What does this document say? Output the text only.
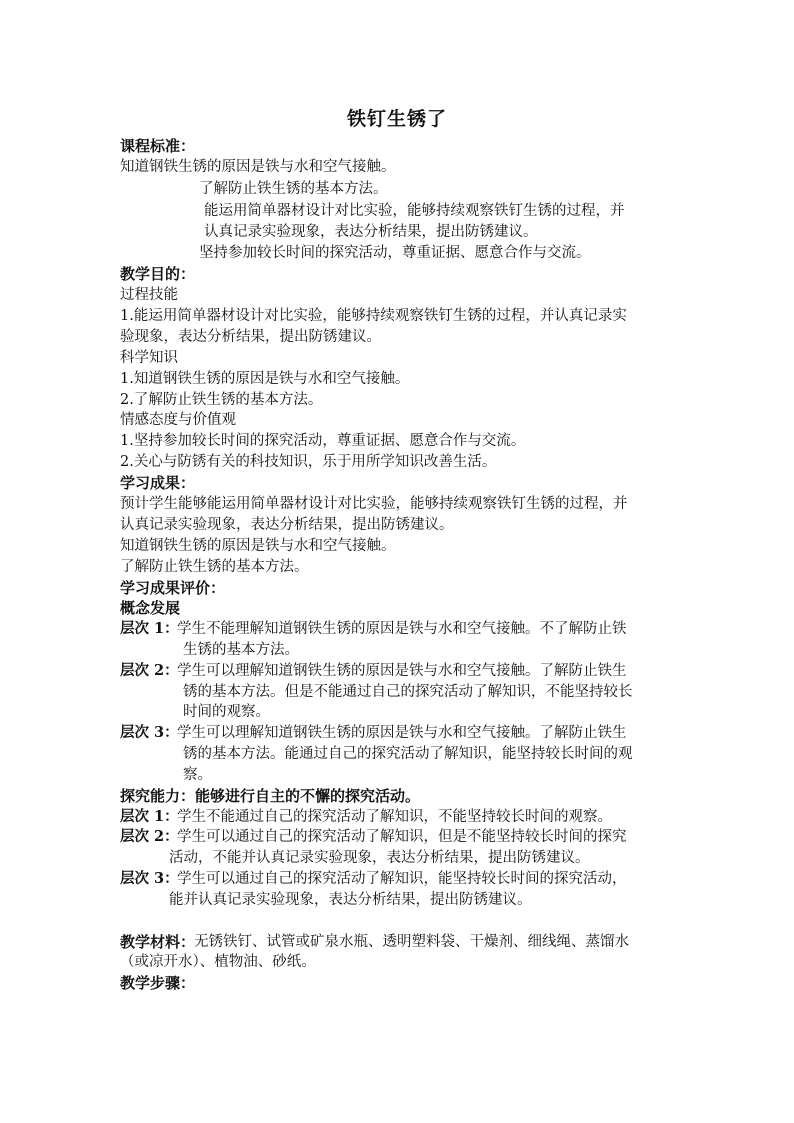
铁钉生锈了
课程标准：
知道钢铁生锈的原因是铁与水和空气接触。
了解防止铁生锈的基本方法。
能运用简单器材设计对比实验，能够持续观察铁钉生锈的过程，并
认真记录实验现象，表达分析结果，提出防锈建议。
坚持参加较长时间的探究活动，尊重证据、愿意合作与交流。
教学目的：
过程技能
1.能运用简单器材设计对比实验，能够持续观察铁钉生锈的过程，并认真记录实
验现象，表达分析结果，提出防锈建议。
科学知识
1.知道钢铁生锈的原因是铁与水和空气接触。
2.了解防止铁生锈的基本方法。
情感态度与价值观
1.坚持参加较长时间的探究活动，尊重证据、愿意合作与交流。
2.关心与防锈有关的科技知识，乐于用所学知识改善生活。
学习成果：
预计学生能够能运用简单器材设计对比实验，能够持续观察铁钉生锈的过程，并
认真记录实验现象，表达分析结果，提出防锈建议。
知道钢铁生锈的原因是铁与水和空气接触。
了解防止铁生锈的基本方法。
学习成果评价：
概念发展
层次 1：
学生不能理解知道钢铁生锈的原因是铁与水和空气接触。不了解防止铁
生锈的基本方法。
层次 2：
学生可以理解知道钢铁生锈的原因是铁与水和空气接触。了解防止铁生
锈的基本方法。但是不能通过自己的探究活动了解知识，不能坚持较长
时间的观察。
层次 3：
学生可以理解知道钢铁生锈的原因是铁与水和空气接触。了解防止铁生
锈的基本方法。能通过自己的探究活动了解知识，能坚持较长时间的观
察。
探究能力：能够进行自主的不懈的探究活动。
层次 1：
学生不能通过自己的探究活动了解知识，不能坚持较长时间的观察。
层次 2：
学生可以通过自己的探究活动了解知识，但是不能坚持较长时间的探究
活动，不能并认真记录实验现象，表达分析结果，提出防锈建议。
层次 3：
学生可以通过自己的探究活动了解知识，能坚持较长时间的探究活动，
能并认真记录实验现象，表达分析结果，提出防锈建议。
教学材料：
无锈铁钉、试管或矿泉水瓶、透明塑料袋、干燥剂、细线绳、蒸馏水
（或凉开水）、植物油、砂纸。
教学步骤：
